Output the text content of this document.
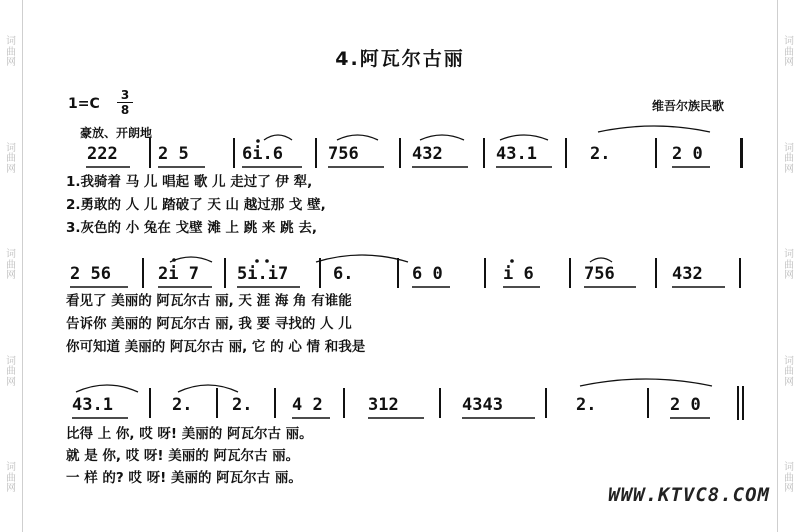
词
曲
网
词
曲
网
词
曲
网
词
曲
网
词
曲
网
词
曲
网
词
曲
网
词
曲
网
词
曲
网
词
曲
网
4.阿瓦尔古丽
1=C
3
8	维吾尔族民歌
豪放、开朗地
222 2 5	6i.6	756	432	43.1	2.	2 0
1.我骑着 马 儿 唱起 歌 儿 走过了 伊 犁,
2.勇敢的 人 儿 踏破了 天 山 越过那 戈 壁,
3.灰色的 小 兔在 戈壁 滩 上 跳 来 跳 去,
2 56	2i 7 5i.i7	6.	6 0	i 6	756	432
看见了 美丽的 阿瓦尔古 丽, 天 涯 海 角 有谁能
告诉你 美丽的 阿瓦尔古 丽, 我 要 寻找的 人 儿
你可知道 美丽的 阿瓦尔古 丽, 它 的 心 情 和我是
43.1	2. 2. 4 2	312	4343	2.	2 0
比得 上 你, 哎 呀! 美丽的 阿瓦尔古 丽。
就 是 你, 哎 呀! 美丽的 阿瓦尔古 丽。
一 样 的? 哎 呀! 美丽的 阿瓦尔古 丽。
WWW.KTVC8.COM
